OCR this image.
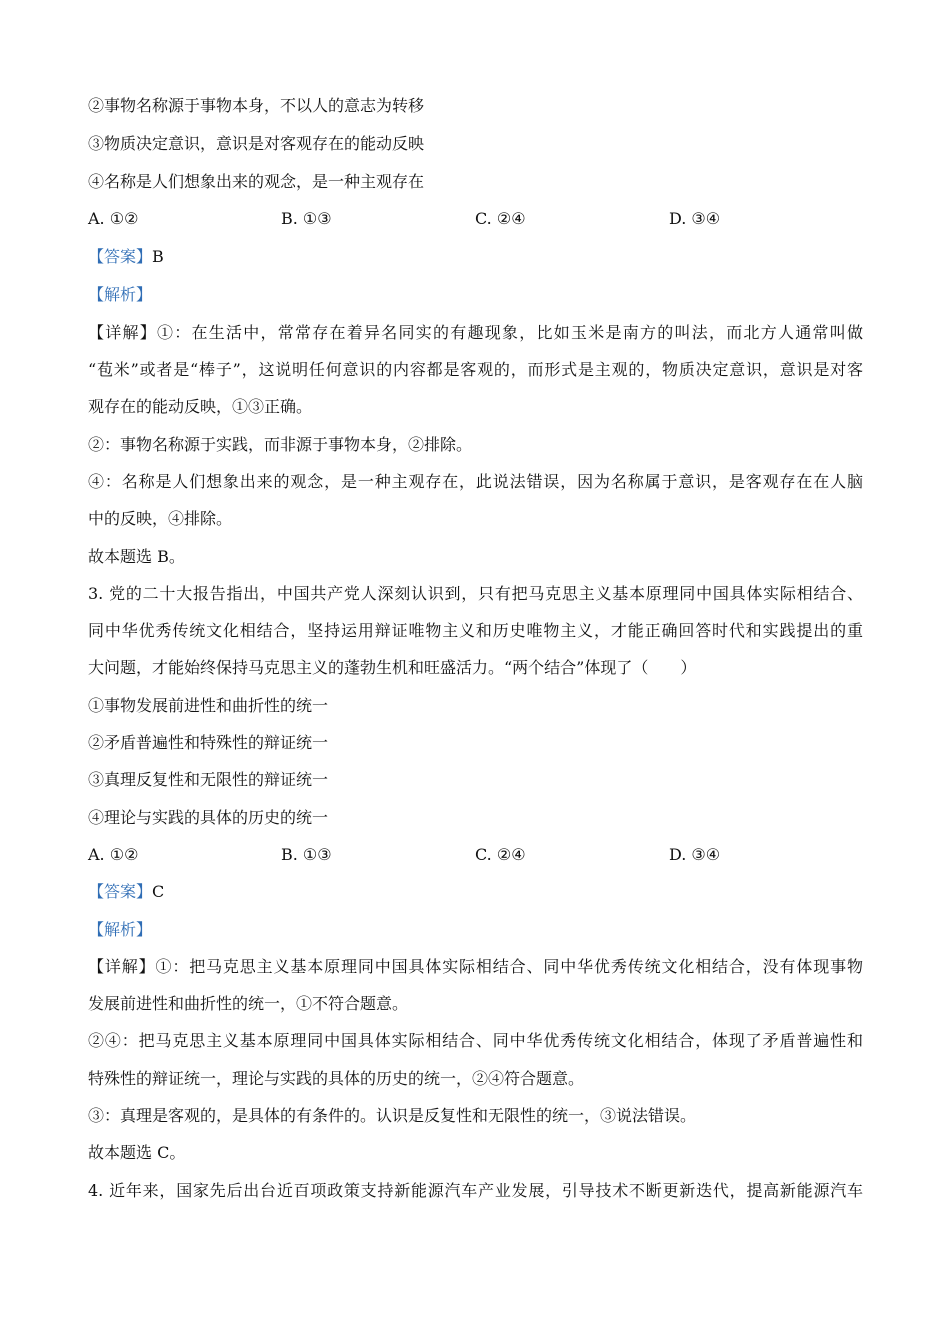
②事物名称源于事物本身，不以人的意志为转移
③物质决定意识，意识是对客观存在的能动反映
④名称是人们想象出来的观念，是一种主观存在
A. ①②	B. ①③	C. ②④	D. ③④
【答案】B
【解析】
【详解】①：在生活中，常常存在着异名同实的有趣现象，比如玉米是南方的叫法，而北方人通常叫做
“苞米”或者是“棒子”，这说明任何意识的内容都是客观的，而形式是主观的，物质决定意识，意识是对客
观存在的能动反映，①③正确。
②：事物名称源于实践，而非源于事物本身，②排除。
④：名称是人们想象出来的观念，是一种主观存在，此说法错误，因为名称属于意识，是客观存在在人脑
中的反映，④排除。
故本题选 B。
3. 党的二十大报告指出，中国共产党人深刻认识到，只有把马克思主义基本原理同中国具体实际相结合、
同中华优秀传统文化相结合，坚持运用辩证唯物主义和历史唯物主义，才能正确回答时代和实践提出的重
大问题，才能始终保持马克思主义的蓬勃生机和旺盛活力。“两个结合”体现了（　　）
①事物发展前进性和曲折性的统一
②矛盾普遍性和特殊性的辩证统一
③真理反复性和无限性的辩证统一
④理论与实践的具体的历史的统一
A. ①②	B. ①③	C. ②④	D. ③④
【答案】C
【解析】
【详解】①：把马克思主义基本原理同中国具体实际相结合、同中华优秀传统文化相结合，没有体现事物
发展前进性和曲折性的统一，①不符合题意。
②④：把马克思主义基本原理同中国具体实际相结合、同中华优秀传统文化相结合，体现了矛盾普遍性和
特殊性的辩证统一，理论与实践的具体的历史的统一，②④符合题意。
③：真理是客观的，是具体的有条件的。认识是反复性和无限性的统一，③说法错误。
故本题选 C。
4. 近年来，国家先后出台近百项政策支持新能源汽车产业发展，引导技术不断更新迭代，提高新能源汽车
